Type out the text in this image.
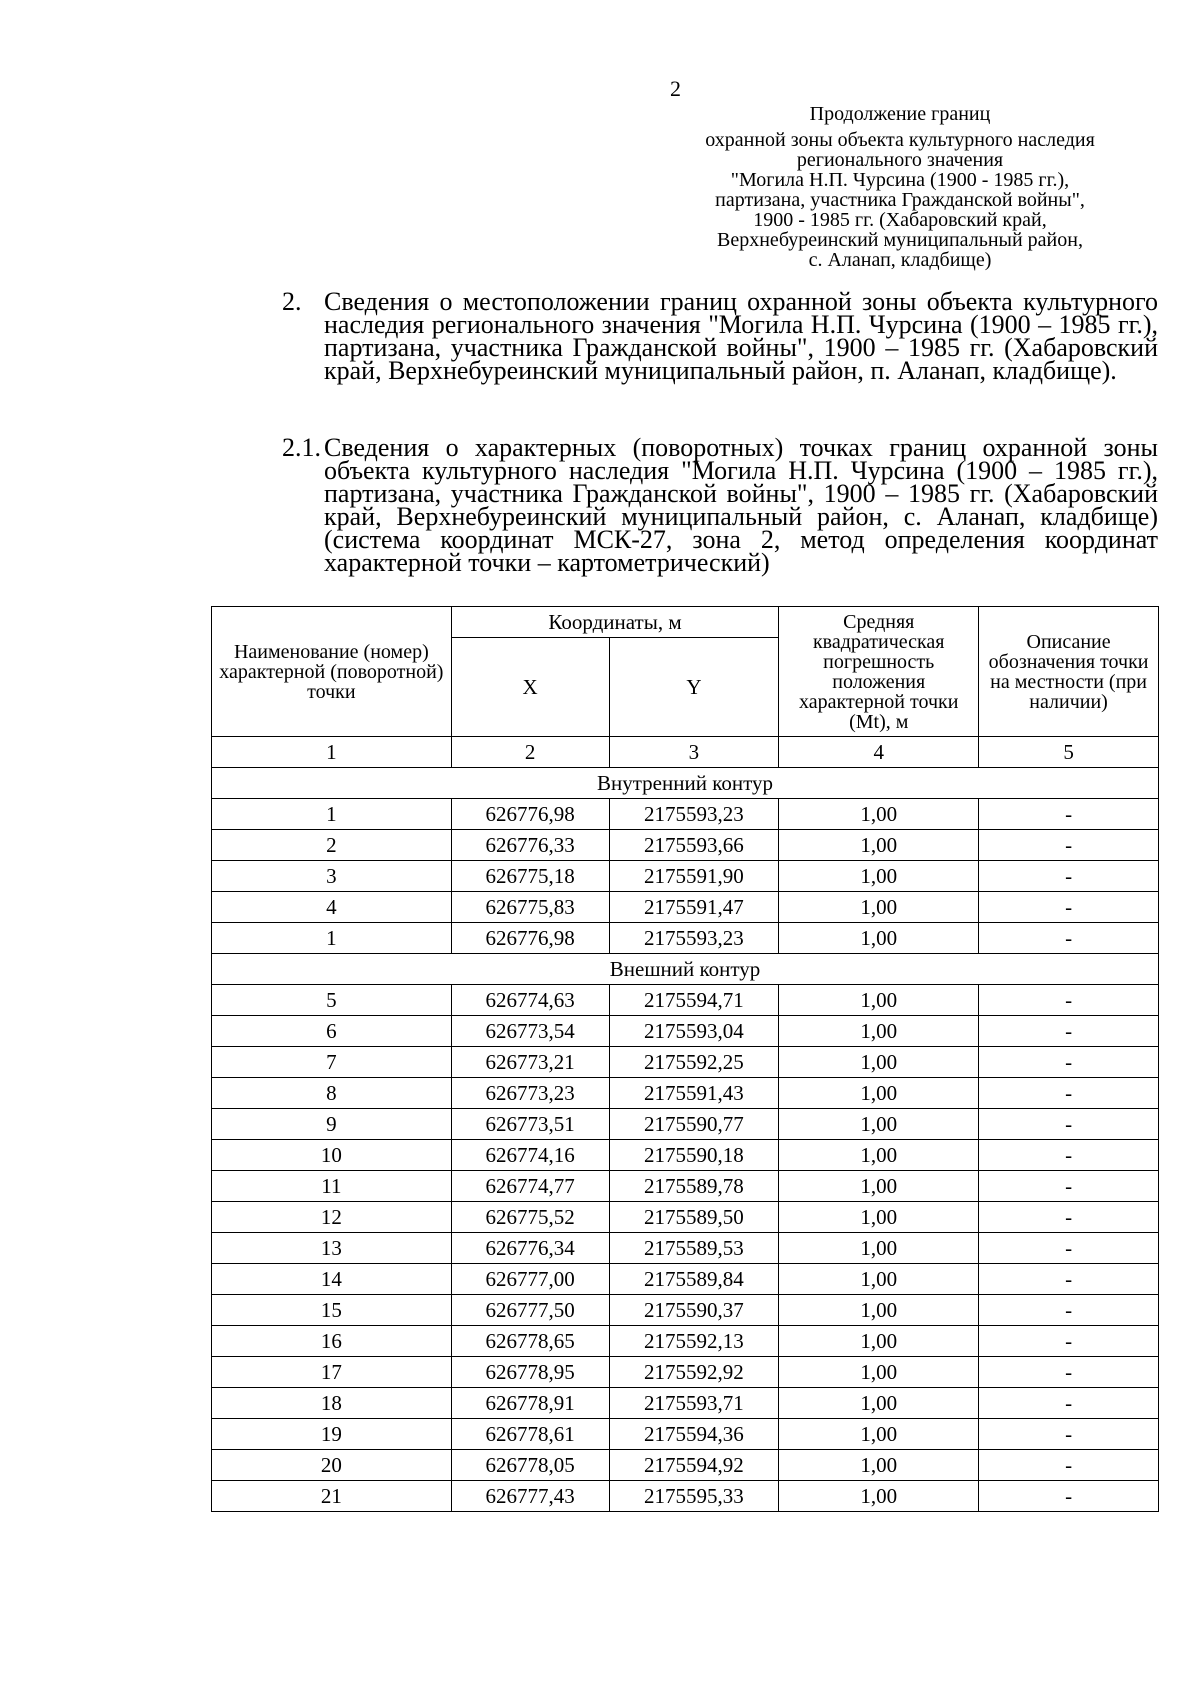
2
Продолжение границ
охранной зоны объекта культурного наследия
регионального значения
"Могила Н.П. Чурсина (1900 - 1985 гг.),
партизана, участника Гражданской войны",
1900 - 1985 гг. (Хабаровский край,
Верхнебуреинский муниципальный район,
с. Аланап, кладбище)
2. Сведения о местоположении границ охранной зоны объекта культурного наследия регионального значения "Могила Н.П. Чурсина (1900 – 1985 гг.), партизана, участника Гражданской войны", 1900 – 1985 гг. (Хабаровский край, Верхнебуреинский муниципальный район, п. Аланап, кладбище).
2.1. Сведения о характерных (поворотных) точках границ охранной зоны объекта культурного наследия "Могила Н.П. Чурсина (1900 – 1985 гг.), партизана, участника Гражданской войны", 1900 – 1985 гг. (Хабаровский край, Верхнебуреинский муниципальный район, с. Аланап, кладбище) (система координат МСК-27, зона 2, метод определения координат характерной точки – картометрический)
Наименование (номер) характерной (поворотной) точки	Координаты, м		Средняя квадратическая погрешность положения характерной точки (Mt), м	Описание обозначения точки на местности (при наличии)
	X	Y		
1	2	3	4	5
Внутренний контур				
1	626776,98	2175593,23	1,00	-
2	626776,33	2175593,66	1,00	-
3	626775,18	2175591,90	1,00	-
4	626775,83	2175591,47	1,00	-
1	626776,98	2175593,23	1,00	-
Внешний контур				
5	626774,63	2175594,71	1,00	-
6	626773,54	2175593,04	1,00	-
7	626773,21	2175592,25	1,00	-
8	626773,23	2175591,43	1,00	-
9	626773,51	2175590,77	1,00	-
10	626774,16	2175590,18	1,00	-
11	626774,77	2175589,78	1,00	-
12	626775,52	2175589,50	1,00	-
13	626776,34	2175589,53	1,00	-
14	626777,00	2175589,84	1,00	-
15	626777,50	2175590,37	1,00	-
16	626778,65	2175592,13	1,00	-
17	626778,95	2175592,92	1,00	-
18	626778,91	2175593,71	1,00	-
19	626778,61	2175594,36	1,00	-
20	626778,05	2175594,92	1,00	-
21	626777,43	2175595,33	1,00	-
